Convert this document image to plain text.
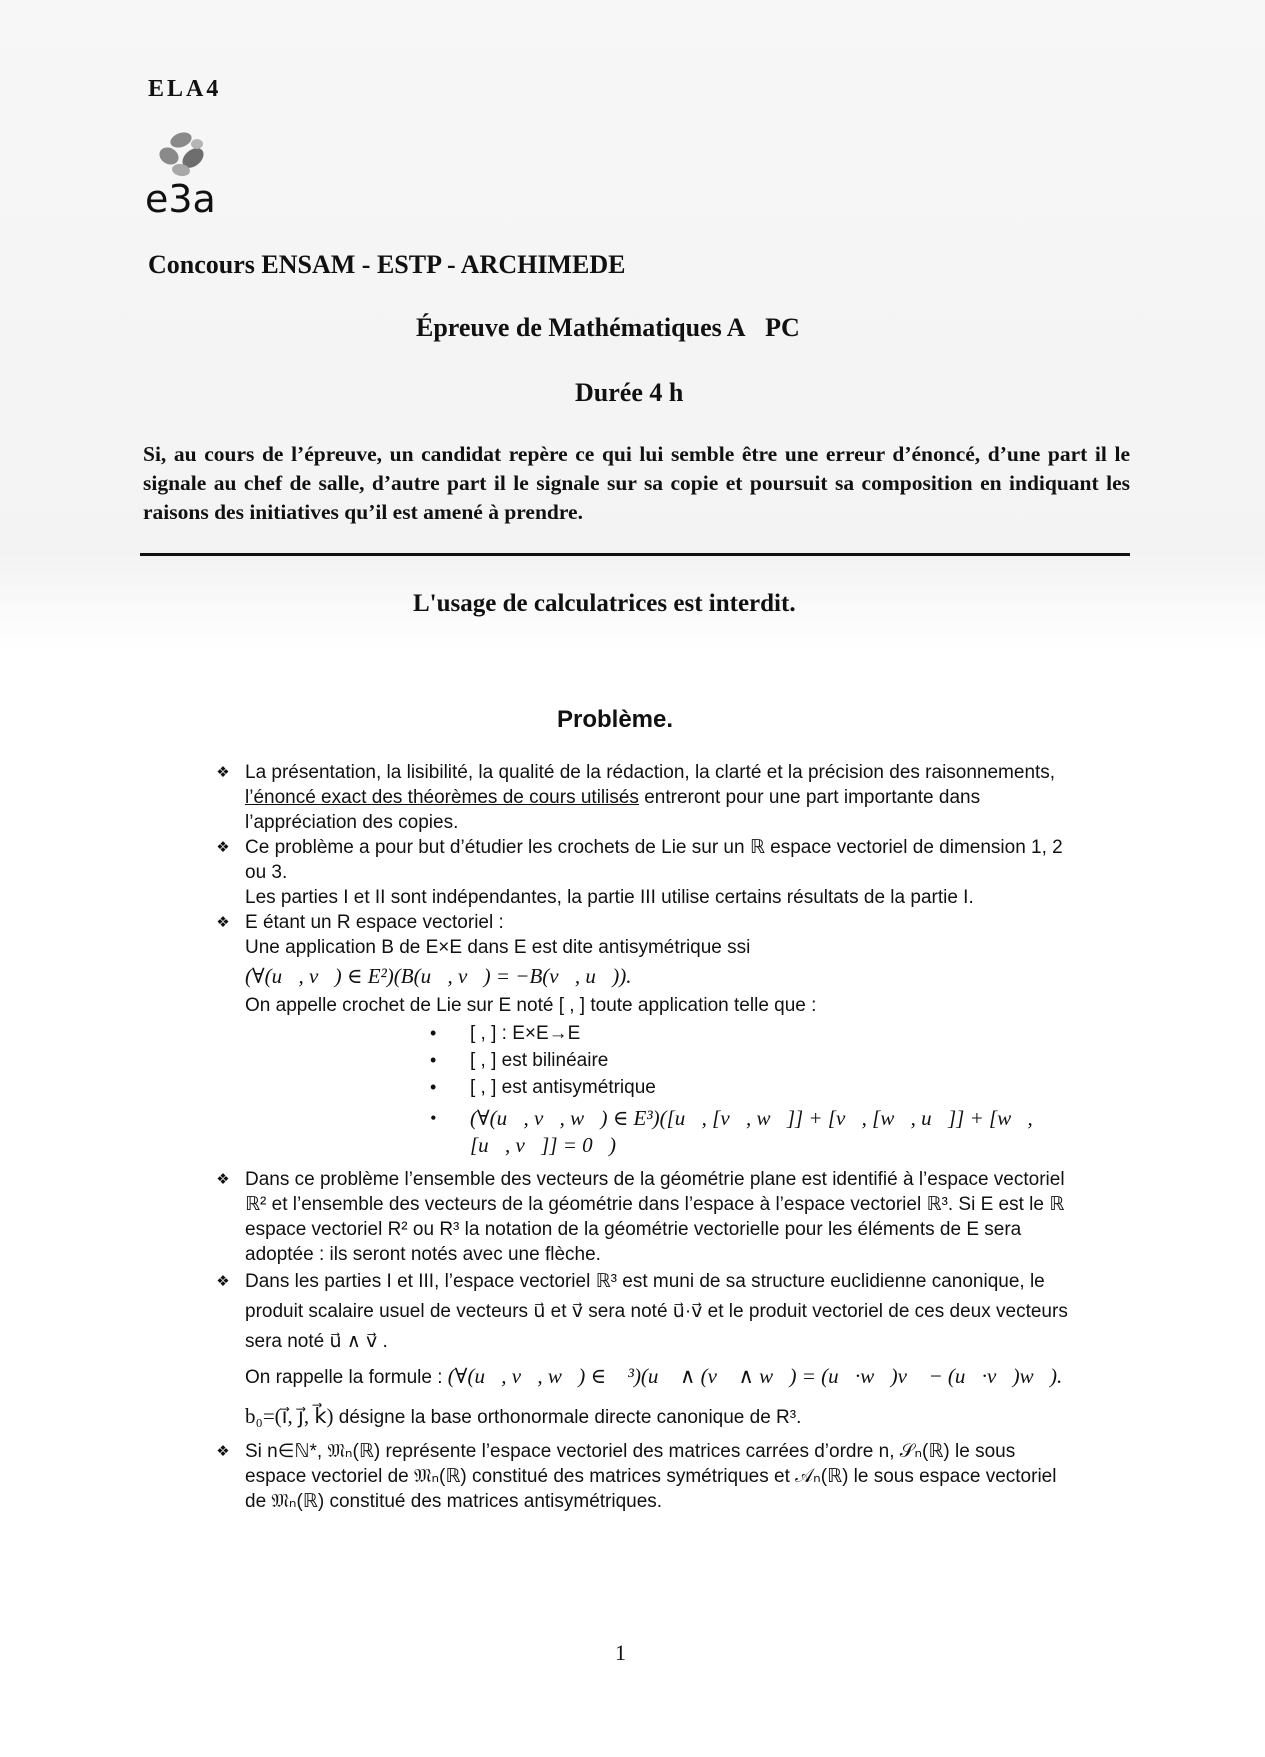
ELA4
e3a
Concours ENSAM - ESTP - ARCHIMEDE
Épreuve de Mathématiques A PC
Durée 4 h
Si, au cours de l’épreuve, un candidat repère ce qui lui semble être une erreur d’énoncé, d’une part il le signale au chef de salle, d’autre part il le signale sur sa copie et poursuit sa composition en indiquant les raisons des initiatives qu’il est amené à prendre.
L'usage de calculatrices est interdit.
Problème.
❖ La présentation, la lisibilité, la qualité de la rédaction, la clarté et la précision des raisonnements, l’énoncé exact des théorèmes de cours utilisés entreront pour une part importante dans l’appréciation des copies.
❖ Ce problème a pour but d’étudier les crochets de Lie sur un ℝ espace vectoriel de dimension 1, 2 ou 3.
Les parties I et II sont indépendantes, la partie III utilise certains résultats de la partie I.
❖ E étant un R espace vectoriel :
Une application B de E×E dans E est dite antisymétrique ssi
(∀(u⃗, v⃗) ∈ E²)(B(u⃗, v⃗) = −B(v⃗, u⃗)).
On appelle crochet de Lie sur E noté [ , ] toute application telle que :
• [ , ] : E×E→E
• [ , ] est bilinéaire
• [ , ] est antisymétrique
• (∀(u⃗, v⃗, w⃗) ∈ E³)([u⃗, [v⃗, w⃗]] + [v⃗, [w⃗, u⃗]] + [w⃗, [u⃗, v⃗]] = 0⃗)
❖ Dans ce problème l’ensemble des vecteurs de la géométrie plane est identifié à l’espace vectoriel ℝ² et l’ensemble des vecteurs de la géométrie dans l’espace à l’espace vectoriel ℝ³. Si E est le ℝ espace vectoriel R² ou R³ la notation de la géométrie vectorielle pour les éléments de E sera adoptée : ils seront notés avec une flèche.
❖ Dans les parties I et III, l’espace vectoriel ℝ³ est muni de sa structure euclidienne canonique, le produit scalaire usuel de vecteurs u⃗ et v⃗ sera noté u⃗·v⃗ et le produit vectoriel de ces deux vecteurs sera noté u⃗ ∧ v⃗ .
On rappelle la formule : (∀(u⃗, v⃗, w⃗) ∈ ℝ³)(u⃗ ∧ (v⃗ ∧ w⃗) = (u⃗·w⃗)v⃗ − (u⃗·v⃗)w⃗).
b₀=(i⃗, j⃗, k⃗) désigne la base orthonormale directe canonique de R³.
❖ Si n∈ℕ*, 𝔐ₙ(ℝ) représente l’espace vectoriel des matrices carrées d’ordre n, 𝒮ₙ(ℝ) le sous espace vectoriel de 𝔐ₙ(ℝ) constitué des matrices symétriques et 𝒜ₙ(ℝ) le sous espace vectoriel de 𝔐ₙ(ℝ) constitué des matrices antisymétriques.
1
